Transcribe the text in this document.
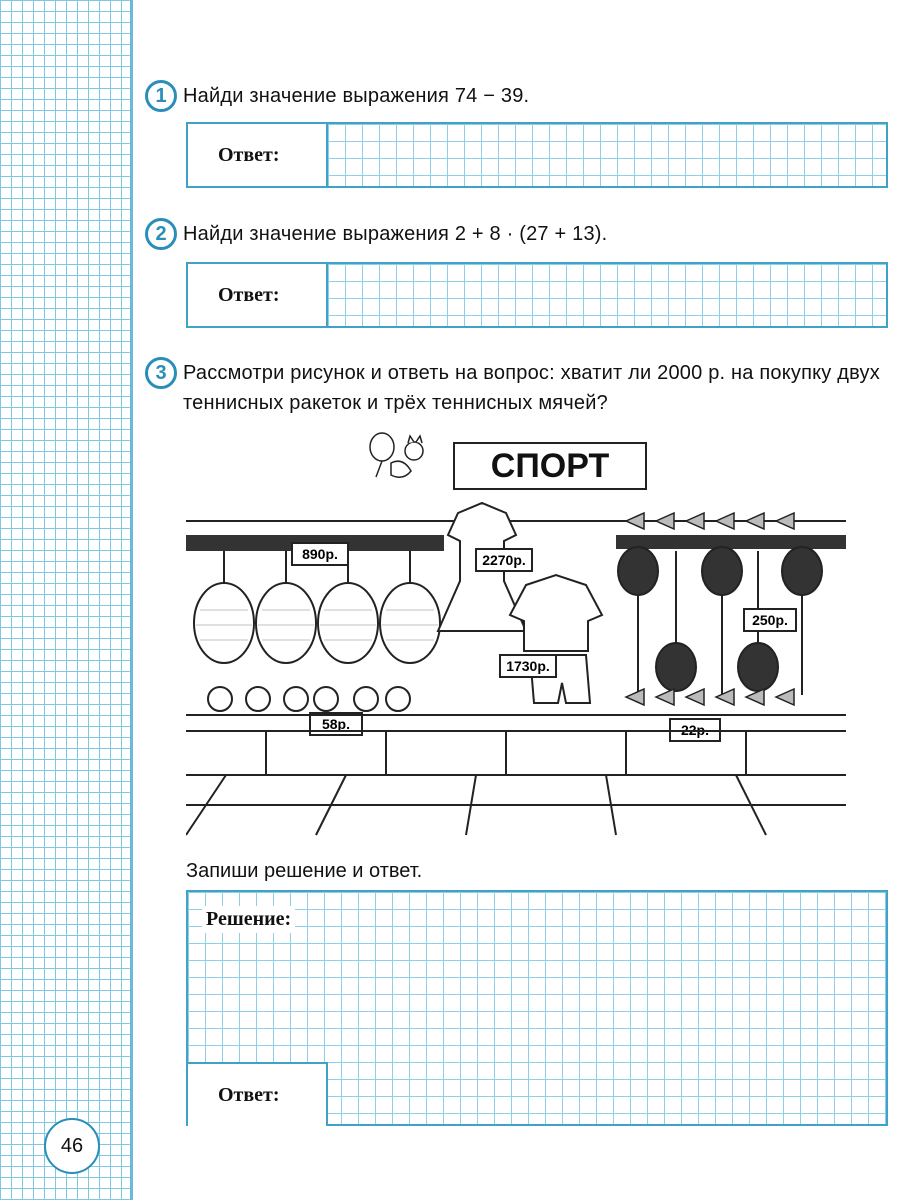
1 Найди значение выражения 74 − 39.
Ответ:
2 Найди значение выражения 2 + 8 · (27 + 13).
Ответ:
3 Рассмотри рисунок и ответь на вопрос: хватит ли 2000 р. на покупку двух теннисных ракеток и трёх теннисных мячей?
СПОРТ
890р.	2270р.
1730р.
250р.
58р.	22р.
Запиши решение и ответ.
Решение:
Ответ:
46
